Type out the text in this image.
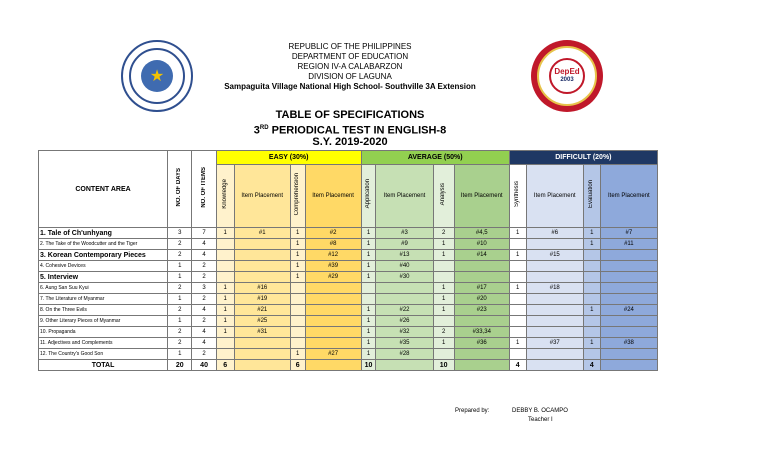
★	DepEd
2003
REPUBLIC OF THE PHILIPPINES
DEPARTMENT OF EDUCATION
REGION IV-A CALABARZON
DIVISION OF LAGUNA
Sampaguita Village National High School- Southville 3A Extension
TABLE OF SPECIFICATIONS
3RD PERIODICAL TEST IN ENGLISH-8
S.Y. 2019-2020
CONTENT AREA	NO. OF DAYS	NO. OF ITEMS	EASY (30%)				AVERAGE (50%)				DIFFICULT (20%)			
			Knowledge	Item Placement	Comprehension	Item Placement	Application	Item Placement	Analysis	Item Placement	Synthesis	Item Placement	Evaluation	Item Placement
1. Tale of Ch'unhyang	3	7	1	#1	1	#2	1	#3	2	#4,5	1	#6	1	#7
2. The Take of the Woodcutter and the Tiger	2	4			1	#8	1	#9	1	#10			1	#11
3. Korean Contemporary Pieces	2	4			1	#12	1	#13	1	#14	1	#15		
4. Cohesive Devices	1	2			1	#39	1	#40						
5. Interview	1	2			1	#29	1	#30						
6. Aung San Suu Kyui	2	3	1	#16					1	#17	1	#18		
7. The Literature of Myanmar	1	2	1	#19					1	#20				
8. On the Three Evils	2	4	1	#21			1	#22	1	#23			1	#24
9. Other Literary Pieces of Myanmar	1	2	1	#25			1	#26						
10. Propaganda	2	4	1	#31			1	#32	2	#33,34				
11. Adjectives and Complements	2	4					1	#35	1	#36	1	#37	1	#38
12. The Country's Good Son	1	2			1	#27	1	#28						
TOTAL	20	40	6		6		10		10		4		4	
Prepared by:	DEBBY B. OCAMPO
Teacher I
